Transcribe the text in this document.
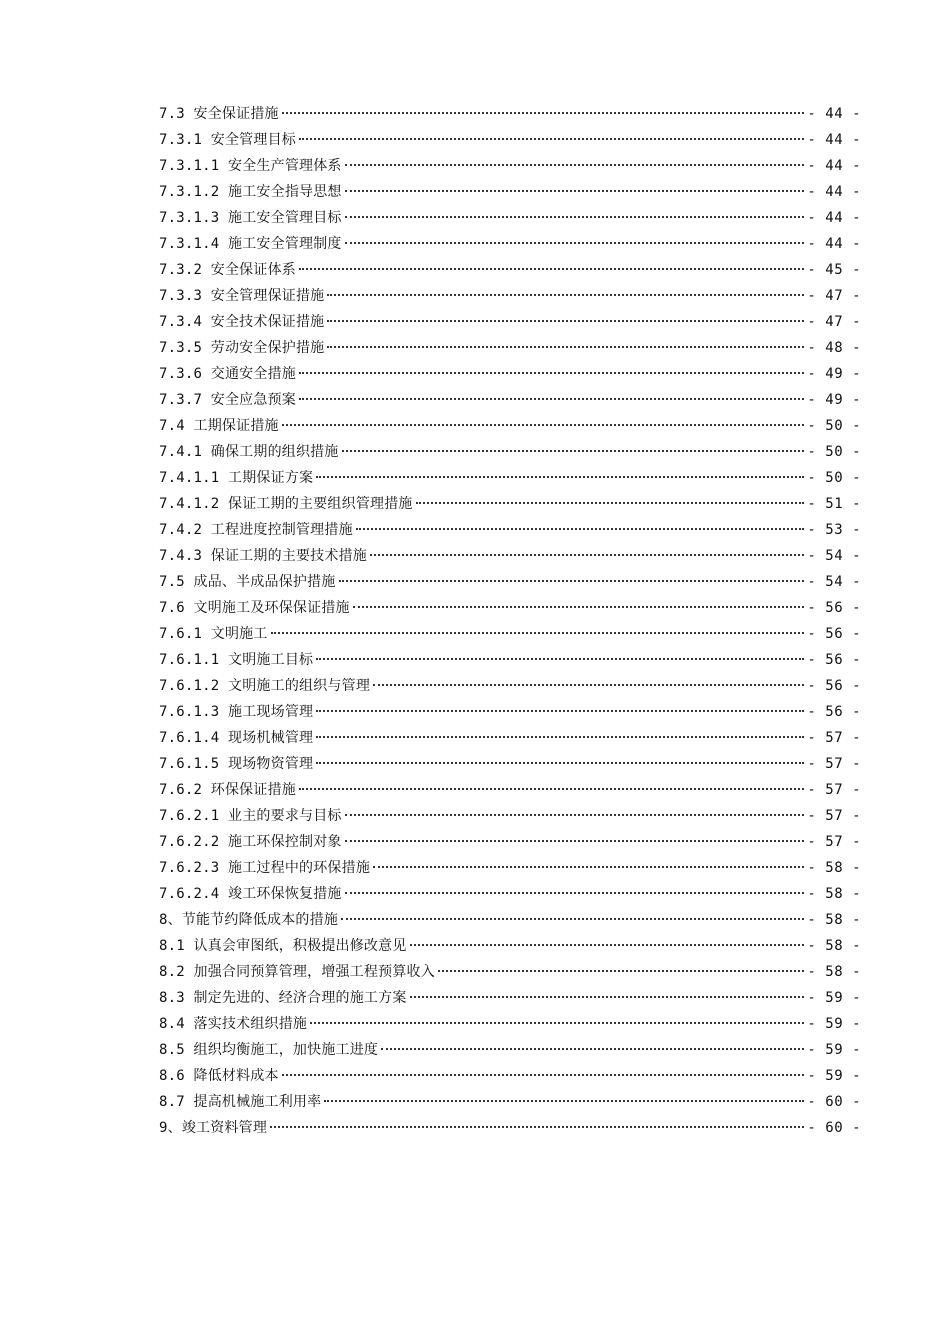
7.3 安全保证措施	- 44 -
7.3.1 安全管理目标	- 44 -
7.3.1.1 安全生产管理体系	- 44 -
7.3.1.2 施工安全指导思想	- 44 -
7.3.1.3 施工安全管理目标	- 44 -
7.3.1.4 施工安全管理制度	- 44 -
7.3.2 安全保证体系	- 45 -
7.3.3 安全管理保证措施	- 47 -
7.3.4 安全技术保证措施	- 47 -
7.3.5 劳动安全保护措施	- 48 -
7.3.6 交通安全措施	- 49 -
7.3.7 安全应急预案	- 49 -
7.4 工期保证措施	- 50 -
7.4.1 确保工期的组织措施	- 50 -
7.4.1.1 工期保证方案	- 50 -
7.4.1.2 保证工期的主要组织管理措施	- 51 -
7.4.2 工程进度控制管理措施	- 53 -
7.4.3 保证工期的主要技术措施	- 54 -
7.5 成品、半成品保护措施	- 54 -
7.6 文明施工及环保保证措施	- 56 -
7.6.1 文明施工	- 56 -
7.6.1.1 文明施工目标	- 56 -
7.6.1.2 文明施工的组织与管理	- 56 -
7.6.1.3 施工现场管理	- 56 -
7.6.1.4 现场机械管理	- 57 -
7.6.1.5 现场物资管理	- 57 -
7.6.2 环保保证措施	- 57 -
7.6.2.1 业主的要求与目标	- 57 -
7.6.2.2 施工环保控制对象	- 57 -
7.6.2.3 施工过程中的环保措施	- 58 -
7.6.2.4 竣工环保恢复措施	- 58 -
8、节能节约降低成本的措施	- 58 -
8.1 认真会审图纸，积极提出修改意见	- 58 -
8.2 加强合同预算管理，增强工程预算收入	- 58 -
8.3 制定先进的、经济合理的施工方案	- 59 -
8.4 落实技术组织措施	- 59 -
8.5 组织均衡施工，加快施工进度	- 59 -
8.6 降低材料成本	- 59 -
8.7 提高机械施工利用率	- 60 -
9、竣工资料管理	- 60 -
